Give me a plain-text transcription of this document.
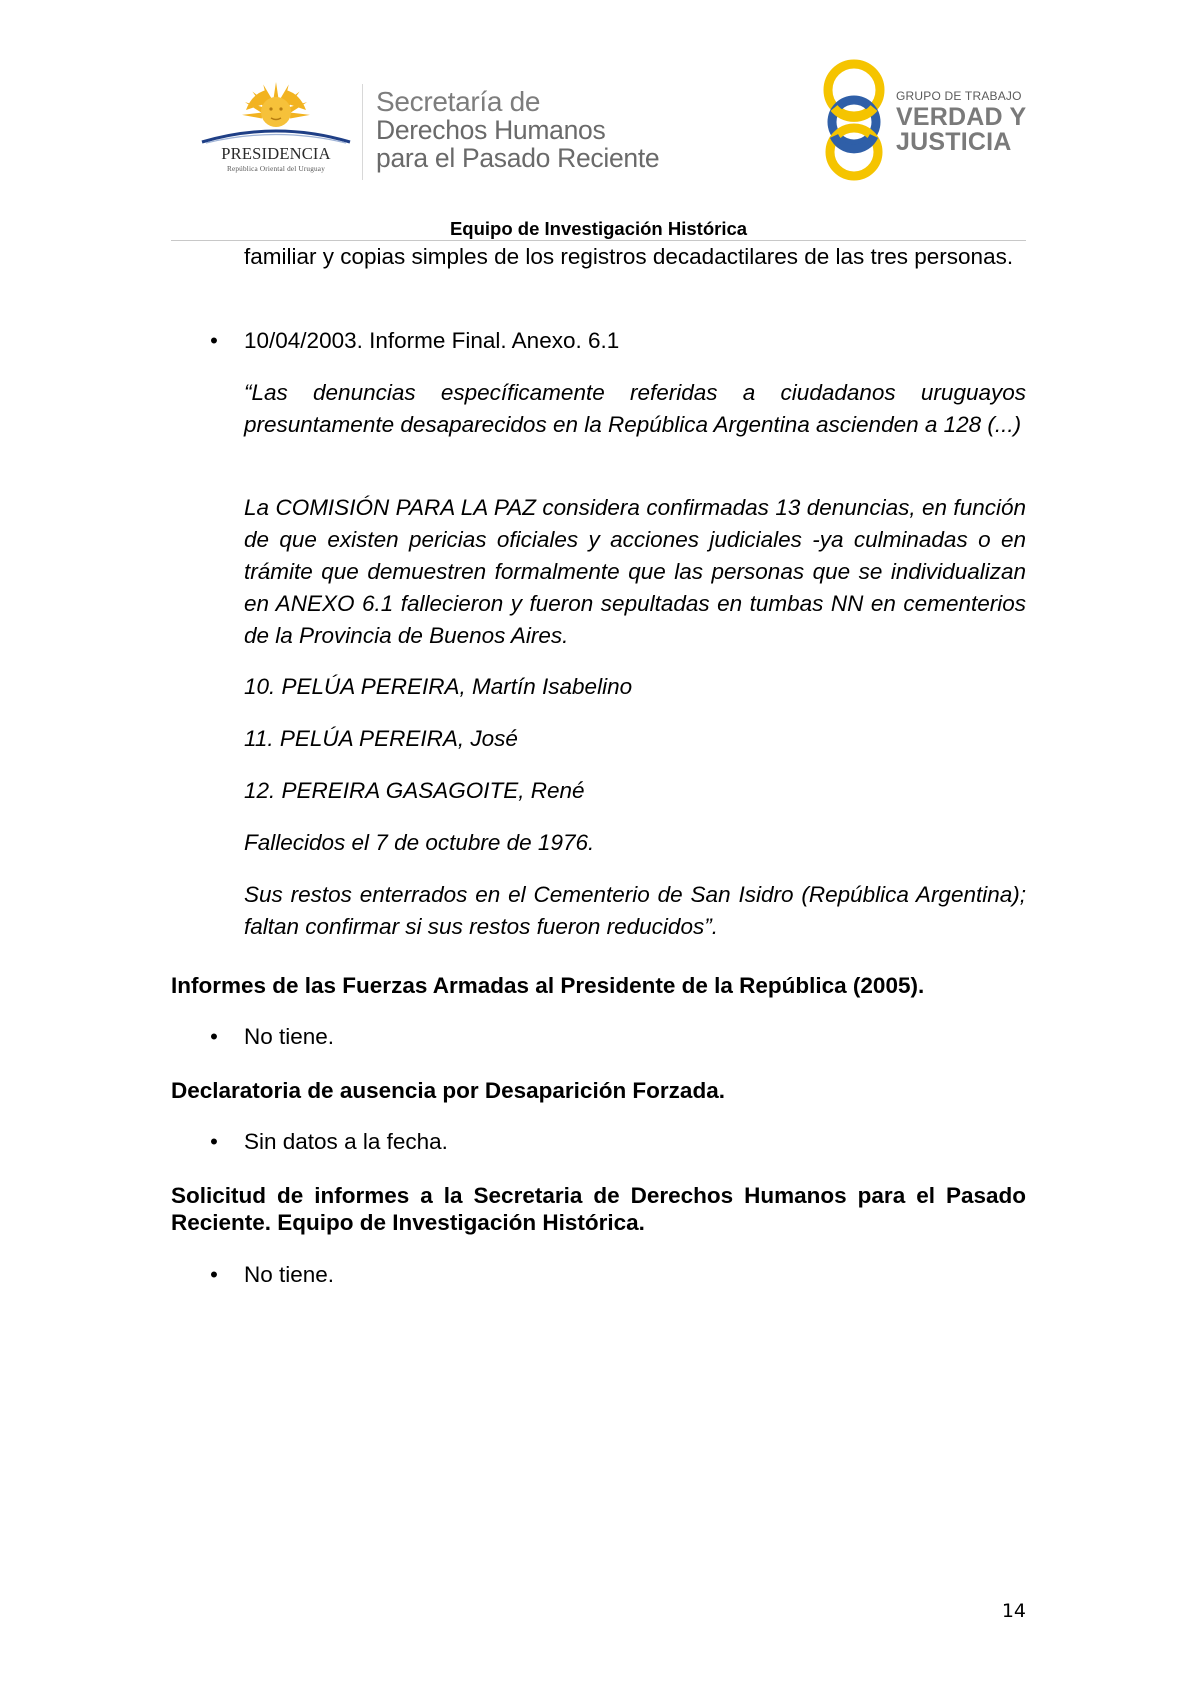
PRESIDENCIA
República Oriental del Uruguay
Secretaría de
Derechos Humanos
para el Pasado Reciente
GRUPO DE TRABAJO
VERDAD Y
JUSTICIA
Equipo de Investigación Histórica
familiar y copias simples de los registros decadactilares de las tres personas.
• 10/04/2003. Informe Final. Anexo. 6.1
“Las denuncias específicamente referidas a ciudadanos uruguayos presuntamente desaparecidos en la República Argentina ascienden a 128 (...)
La COMISIÓN PARA LA PAZ considera confirmadas 13 denuncias, en función de que existen pericias oficiales y acciones judiciales -ya culminadas o en trámite que demuestren formalmente que las personas que se individualizan en ANEXO 6.1 fallecieron y fueron sepultadas en tumbas NN en cementerios de la Provincia de Buenos Aires.
10. PELÚA PEREIRA, Martín Isabelino
11. PELÚA PEREIRA, José
12. PEREIRA GASAGOITE, René
Fallecidos el 7 de octubre de 1976.
Sus restos enterrados en el Cementerio de San Isidro (República Argentina); faltan confirmar si sus restos fueron reducidos”.
Informes de las Fuerzas Armadas al Presidente de la República (2005).
• No tiene.
Declaratoria de ausencia por Desaparición Forzada.
• Sin datos a la fecha.
Solicitud de informes a la Secretaria de Derechos Humanos para el Pasado Reciente. Equipo de Investigación Histórica.
• No tiene.
14
